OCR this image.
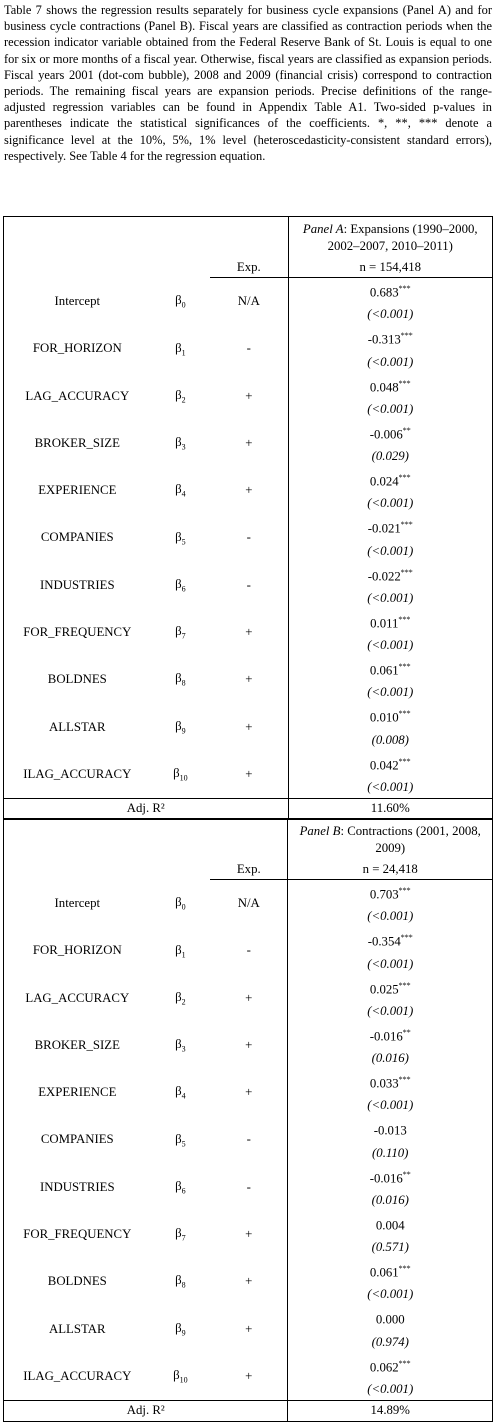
Table 7 shows the regression results separately for business cycle expansions (Panel A) and for business cycle contractions (Panel B). Fiscal years are classified as contraction periods when the recession indicator variable obtained from the Federal Reserve Bank of St. Louis is equal to one for six or more months of a fiscal year. Otherwise, fiscal years are classified as expansion periods. Fiscal years 2001 (dot-com bubble), 2008 and 2009 (financial crisis) correspond to contraction periods. The remaining fiscal years are expansion periods. Precise definitions of the range-adjusted regression variables can be found in Appendix Table A1. Two-sided p-values in parentheses indicate the statistical significances of the coefficients. *, **, *** denote a significance level at the 10%, 5%, 1% level (heteroscedasticity-consistent standard errors), respectively. See Table 4 for the regression equation.
			Panel A: Expansions (1990–2000, 2002–2007, 2010–2011)
		Exp.	n = 154,418
Intercept	$\beta_0$	N/A	0.683***
			(<0.001)
FOR_HORIZON	$\beta_1$	-	-0.313***
			(<0.001)
LAG_ACCURACY	$\beta_2$	+	0.048***
			(<0.001)
BROKER_SIZE	$\beta_3$	+	-0.006**
			(0.029)
EXPERIENCE	$\beta_4$	+	0.024***
			(<0.001)
COMPANIES	$\beta_5$	-	-0.021***
			(<0.001)
INDUSTRIES	$\beta_6$	-	-0.022***
			(<0.001)
FOR_FREQUENCY	$\beta_7$	+	0.011***
			(<0.001)
BOLDNES	$\beta_8$	+	0.061***
			(<0.001)
ALLSTAR	$\beta_9$	+	0.010***
			(0.008)
ILAG_ACCURACY	$\beta_{10}$	+	0.042***
			(<0.001)
Adj. R²			11.60%
			Panel B: Contractions (2001, 2008, 2009)
		Exp.	n = 24,418
Intercept	$\beta_0$	N/A	0.703***
			(<0.001)
FOR_HORIZON	$\beta_1$	-	-0.354***
			(<0.001)
LAG_ACCURACY	$\beta_2$	+	0.025***
			(<0.001)
BROKER_SIZE	$\beta_3$	+	-0.016**
			(0.016)
EXPERIENCE	$\beta_4$	+	0.033***
			(<0.001)
COMPANIES	$\beta_5$	-	-0.013
			(0.110)
INDUSTRIES	$\beta_6$	-	-0.016**
			(0.016)
FOR_FREQUENCY	$\beta_7$	+	0.004
			(0.571)
BOLDNES	$\beta_8$	+	0.061***
			(<0.001)
ALLSTAR	$\beta_9$	+	0.000
			(0.974)
ILAG_ACCURACY	$\beta_{10}$	+	0.062***
			(<0.001)
Adj. R²			14.89%
